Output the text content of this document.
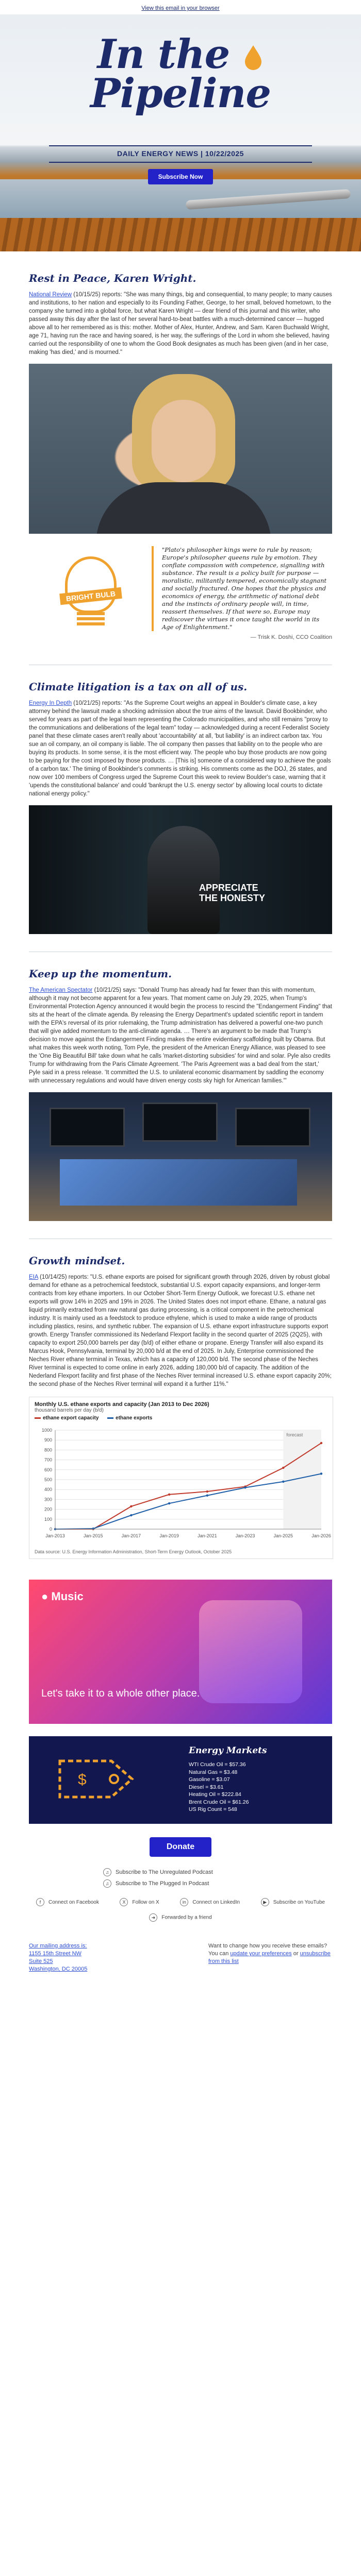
View this email in your browser
In the
Pipeline
DAILY ENERGY NEWS | 10/22/2025
Subscribe Now
Rest in Peace, Karen Wright.

National Review (10/15/25) reports: "She was many things, big and consequential, to many people; to many causes and institutions, to her nation and especially to its Founding Father, George, to her small, beloved hometown, to the company she turned into a global force, but what Karen Wright — dear friend of this journal and this writer, who passed away this day after the last of her several hard-to-beat battles with a much-determined cancer — hugged above all to her remembered as is this: mother. Mother of Alex, Hunter, Andrew, and Sam. Karen Buchwald Wright, age 71, having run the race and having soared, is her way, the sufferings of the Lord in whom she believed, having carried out the responsibility of one to whom the Good Book designates as much has been given (and in her case, making 'has died,' and is mourned."

BRIGHT BULB
"Plato's philosopher kings were to rule by reason; Europe's philosopher queens rule by emotion. They conflate compassion with competence, signalling with substance. The result is a policy built for purpose — moralistic, militantly tempered, economically stagnant and socially fractured. One hopes that the physics and economics of energy, the arithmetic of national debt and the instincts of ordinary people will, in time, reassert themselves. If that were so, Europe may rediscover the virtues it once taught the world in its Age of Enlightenment."
— Trisk K. Doshi, CCO Coalition
Climate litigation is a tax on all of us.

Energy In Depth (10/21/25) reports: "As the Supreme Court weighs an appeal in Boulder's climate case, a key attorney behind the lawsuit made a shocking admission about the true aims of the lawsuit. David Bookbinder, who served for years as part of the legal team representing the Colorado municipalities, and who still remains "proxy to the communications and deliberations of the legal team" today — acknowledged during a recent Federalist Society panel that these climate cases aren't really about 'accountability' at all, 'but liability' is an indirect carbon tax. You sue an oil company, an oil company is liable. The oil company then passes that liability on to the people who are buying its products. In some sense, it is the most efficient way. The people who buy those products are now going to be paying for the cost imposed by those products. … [This is] someone of a considered way to achieve the goals of a carbon tax.' The timing of Bookbinder's comments is striking. His comments come as the DOJ, 26 states, and now over 100 members of Congress urged the Supreme Court this week to review Boulder's case, warning that it 'upends the constitutional balance' and could 'bankrupt the U.S. energy sector' by allowing local courts to dictate national energy policy."

APPRECIATE
THE HONESTY
Keep up the momentum.

The American Spectator (10/21/25) says: "Donald Trump has already had far fewer than this with momentum, although it may not become apparent for a few years. That moment came on July 29, 2025, when Trump's Environmental Protection Agency announced it would begin the process to rescind the "Endangerment Finding" that sits at the heart of the climate agenda. By releasing the Energy Department's updated scientific report in tandem with the EPA's reversal of its prior rulemaking, the Trump administration has delivered a powerful one-two punch that will give added momentum to the anti-climate agenda. … There's an argument to be made that Trump's decision to move against the Endangerment Finding makes the entire evidentiary scaffolding built by Obama. But what makes this week worth noting, Tom Pyle, the president of the American Energy Alliance, was pleased to see the 'One Big Beautiful Bill' take down what he calls 'market-distorting subsidies' for wind and solar. Pyle also credits Trump for withdrawing from the Paris Climate Agreement. 'The Paris Agreement was a bad deal from the start,' Pyle said in a press release. 'It committed the U.S. to unilateral economic disarmament by saddling the economy with unnecessary regulations and would have driven energy costs sky high for American families.'"

Growth mindset.

EIA (10/14/25) reports: "U.S. ethane exports are poised for significant growth through 2026, driven by robust global demand for ethane as a petrochemical feedstock, substantial U.S. export capacity expansions, and longer-term contracts from key ethane importers. In our October Short-Term Energy Outlook, we forecast U.S. ethane net exports will grow 14% in 2025 and 19% in 2026. The United States does not import ethane. Ethane, a natural gas liquid primarily extracted from raw natural gas during processing, is a critical component in the petrochemical industry. It is mainly used as a feedstock to produce ethylene, which is used to make a wide range of products including plastics, resins, and synthetic rubber. The expansion of U.S. ethane export infrastructure supports export growth. Energy Transfer commissioned its Nederland Flexport facility in the second quarter of 2025 (2Q25), with capacity to export 250,000 barrels per day (b/d) of either ethane or propane. Energy Transfer will also expand its Marcus Hook, Pennsylvania, terminal by 20,000 b/d at the end of 2025. In July, Enterprise commissioned the Neches River ethane terminal in Texas, which has a capacity of 120,000 b/d. The second phase of the Neches River terminal is expected to come online in early 2026, adding 180,000 b/d of capacity. The addition of the Nederland Flexport facility and first phase of the Neches River terminal increased U.S. ethane export capacity 20%; the second phase of the Neches River terminal will expand it a further 11%."

Monthly U.S. ethane exports and capacity (Jan 2013 to Dec 2026)
thousand barrels per day (b/d)
ethane export capacity	ethane exports
0
100
200
300
400
500
600
700
800
900
1000
Jan-2013	Jan-2015	Jan-2017	Jan-2019	Jan-2021	Jan-2023	Jan-2025	Jan-2026
forecast
Data source: U.S. Energy Information Administration, Short-Term Energy Outlook, October 2025
● Music
Let's take it to a whole other place.
$
Energy Markets
WTI Crude Oil = $57.36
Natural Gas = $3.48
Gasoline = $3.07
Diesel = $3.61
Heating Oil = $222.84
Brent Crude Oil = $61.26
US Rig Count = 548
Donate
♫ Subscribe to The Unregulated Podcast
♫ Subscribe to The Plugged In Podcast
f	Connect on Facebook	X	Follow on X	in	Connect on LinkedIn	▶	Subscribe on YouTube
➜ Forwarded by a friend
Our mailing address is:
1155 15th Street NW
Suite 525
Washington, DC 20005
Want to change how you receive these emails?
You can update your preferences or unsubscribe from this list
